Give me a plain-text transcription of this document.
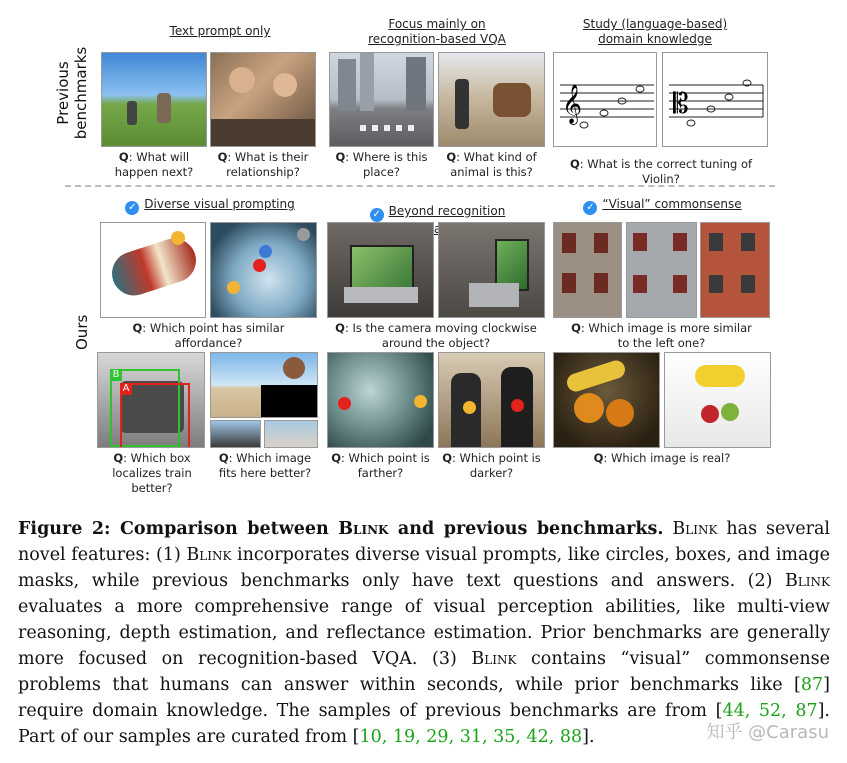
Previous
benchmarks
Ours
Text prompt only	Focus mainly on
recognition-based VQA
Study (language-based)
domain knowledge
𝄞	𝄡
Q: What will
happen next?
Q: What is their
relationship?
Q: Where is this
place?
Q: What kind of
animal is this?
Q: What is the correct tuning of Violin?
✓ Diverse visual prompting

✓ Beyond recognition	✓ “Visual” commonsense
Q: Which point has similar
affordance?
Q: Is the camera moving clockwise
around the object?
Q: Which image is more similar
to the left one?
B
A
Q: Which box
localizes train better?
Q: Which image
fits here better?
Q: Which point is
farther?
Q: Which point is
darker?
Q: Which image is real?
Figure 2: Comparison between Blink and previous benchmarks. Blink has several novel features: (1) Blink incorporates diverse visual prompts, like circles, boxes, and image masks, while previous benchmarks only have text questions and answers. (2) Blink evaluates a more comprehensive range of visual perception abilities, like multi-view reasoning, depth estimation, and reflectance estimation. Prior benchmarks are generally more focused on recognition-based VQA. (3) Blink contains “visual” commonsense problems that humans can answer within seconds, while prior benchmarks like [87] require domain knowledge. The samples of previous benchmarks are from [44, 52, 87]. Part of our samples are curated from [10, 19, 29, 31, 35, 42, 88].	知乎 @Carasu
